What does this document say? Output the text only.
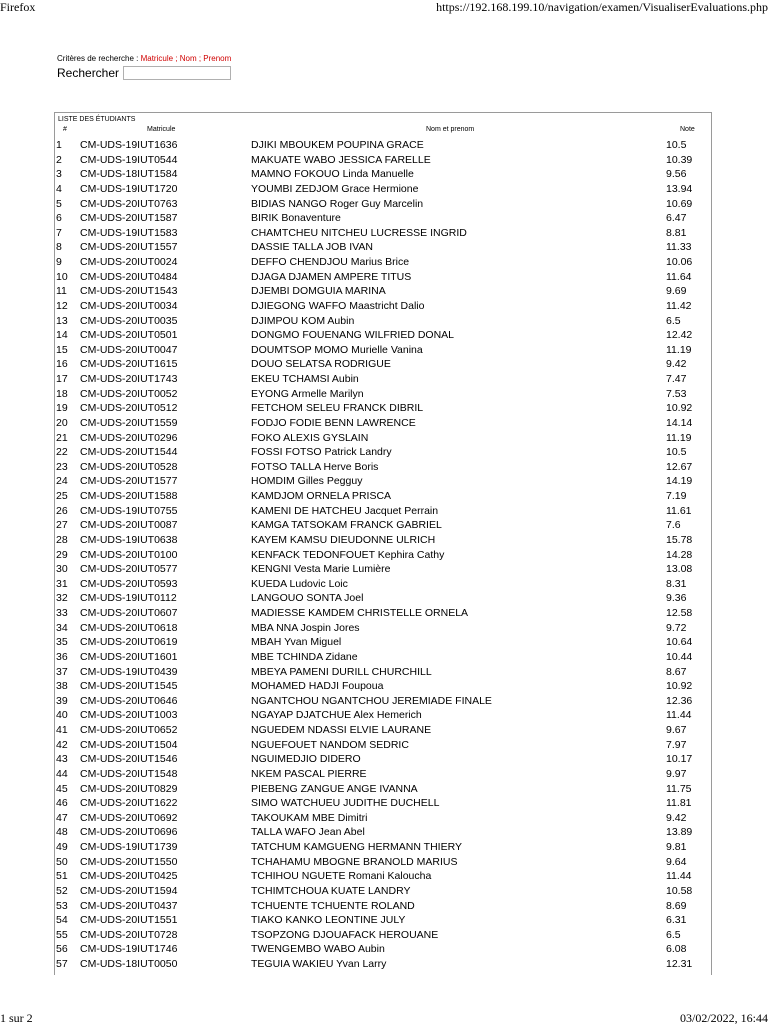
Firefox	https://192.168.199.10/navigation/examen/VisualiserEvaluations.php
Critères de recherche : Matricule ; Nom ; Prenom
Rechercher
LISTE DES ÉTUDIANTS
#	Matricule	Nom et prenom	Note
1 CM-UDS-19IUT1636	DJIKI MBOUKEM POUPINA GRACE	10.5
2 CM-UDS-19IUT0544	MAKUATE WABO JESSICA FARELLE	10.39
3 CM-UDS-18IUT1584	MAMNO FOKOUO Linda Manuelle	9.56
4 CM-UDS-19IUT1720	YOUMBI ZEDJOM Grace Hermione	13.94
5 CM-UDS-20IUT0763	BIDIAS NANGO Roger Guy Marcelin	10.69
6 CM-UDS-20IUT1587	BIRIK Bonaventure	6.47
7 CM-UDS-19IUT1583	CHAMTCHEU NITCHEU LUCRESSE INGRID	8.81
8 CM-UDS-20IUT1557	DASSIE TALLA JOB IVAN	11.33
9 CM-UDS-20IUT0024	DEFFO CHENDJOU Marius Brice	10.06
10 CM-UDS-20IUT0484	DJAGA DJAMEN AMPERE TITUS	11.64
11 CM-UDS-20IUT1543	DJEMBI DOMGUIA MARINA	9.69
12 CM-UDS-20IUT0034	DJIEGONG WAFFO Maastricht Dalio	11.42
13 CM-UDS-20IUT0035	DJIMPOU KOM Aubin	6.5
14 CM-UDS-20IUT0501	DONGMO FOUENANG WILFRIED DONAL	12.42
15 CM-UDS-20IUT0047	DOUMTSOP MOMO Murielle Vanina	11.19
16 CM-UDS-20IUT1615	DOUO SELATSA RODRIGUE	9.42
17 CM-UDS-20IUT1743	EKEU TCHAMSI Aubin	7.47
18 CM-UDS-20IUT0052	EYONG Armelle Marilyn	7.53
19 CM-UDS-20IUT0512	FETCHOM SELEU FRANCK DIBRIL	10.92
20 CM-UDS-20IUT1559	FODJO FODIE BENN LAWRENCE	14.14
21 CM-UDS-20IUT0296	FOKO ALEXIS GYSLAIN	11.19
22 CM-UDS-20IUT1544	FOSSI FOTSO Patrick Landry	10.5
23 CM-UDS-20IUT0528	FOTSO TALLA Herve Boris	12.67
24 CM-UDS-20IUT1577	HOMDIM Gilles Pegguy	14.19
25 CM-UDS-20IUT1588	KAMDJOM ORNELA PRISCA	7.19
26 CM-UDS-19IUT0755	KAMENI DE HATCHEU Jacquet Perrain	11.61
27 CM-UDS-20IUT0087	KAMGA TATSOKAM FRANCK GABRIEL	7.6
28 CM-UDS-19IUT0638	KAYEM KAMSU DIEUDONNE ULRICH	15.78
29 CM-UDS-20IUT0100	KENFACK TEDONFOUET Kephira Cathy	14.28
30 CM-UDS-20IUT0577	KENGNI Vesta Marie Lumière	13.08
31 CM-UDS-20IUT0593	KUEDA Ludovic Loic	8.31
32 CM-UDS-19IUT0112	LANGOUO SONTA Joel	9.36
33 CM-UDS-20IUT0607	MADIESSE KAMDEM CHRISTELLE ORNELA	12.58
34 CM-UDS-20IUT0618	MBA NNA Jospin Jores	9.72
35 CM-UDS-20IUT0619	MBAH Yvan Miguel	10.64
36 CM-UDS-20IUT1601	MBE TCHINDA Zidane	10.44
37 CM-UDS-19IUT0439	MBEYA PAMENI DURILL CHURCHILL	8.67
38 CM-UDS-20IUT1545	MOHAMED HADJI Foupoua	10.92
39 CM-UDS-20IUT0646	NGANTCHOU NGANTCHOU JEREMIADE FINALE	12.36
40 CM-UDS-20IUT1003	NGAYAP DJATCHUE Alex Hemerich	11.44
41 CM-UDS-20IUT0652	NGUEDEM NDASSI ELVIE LAURANE	9.67
42 CM-UDS-20IUT1504	NGUEFOUET NANDOM SEDRIC	7.97
43 CM-UDS-20IUT1546	NGUIMEDJIO DIDERO	10.17
44 CM-UDS-20IUT1548	NKEM PASCAL PIERRE	9.97
45 CM-UDS-20IUT0829	PIEBENG ZANGUE ANGE IVANNA	11.75
46 CM-UDS-20IUT1622	SIMO WATCHUEU JUDITHE DUCHELL	11.81
47 CM-UDS-20IUT0692	TAKOUKAM MBE Dimitri	9.42
48 CM-UDS-20IUT0696	TALLA WAFO Jean Abel	13.89
49 CM-UDS-19IUT1739	TATCHUM KAMGUENG HERMANN THIERY	9.81
50 CM-UDS-20IUT1550	TCHAHAMU MBOGNE BRANOLD MARIUS	9.64
51 CM-UDS-20IUT0425	TCHIHOU NGUETE Romani Kaloucha	11.44
52 CM-UDS-20IUT1594	TCHIMTCHOUA KUATE LANDRY	10.58
53 CM-UDS-20IUT0437	TCHUENTE TCHUENTE ROLAND	8.69
54 CM-UDS-20IUT1551	TIAKO KANKO LEONTINE JULY	6.31
55 CM-UDS-20IUT0728	TSOPZONG DJOUAFACK HEROUANE	6.5
56 CM-UDS-19IUT1746	TWENGEMBO WABO Aubin	6.08
57 CM-UDS-18IUT0050	TEGUIA WAKIEU Yvan Larry	12.31
1 sur 2	03/02/2022, 16:44
